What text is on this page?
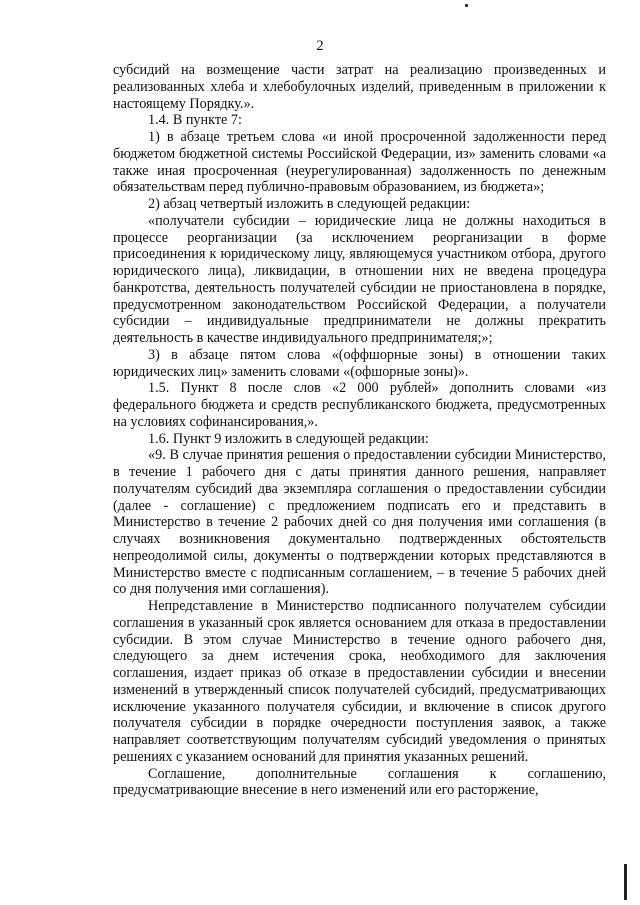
2

субсидий на возмещение части затрат на реализацию произведенных и реализованных хлеба и хлебобулочных изделий, приведенным в приложении к настоящему Порядку.».

1.4. В пункте 7:

1) в абзаце третьем слова «и иной просроченной задолженности перед бюджетом бюджетной системы Российской Федерации, из» заменить словами «а также иная просроченная (неурегулированная) задолженность по денежным обязательствам перед публично-правовым образованием, из бюджета»;

2) абзац четвертый изложить в следующей редакции:

«получатели субсидии – юридические лица не должны находиться в процессе реорганизации (за исключением реорганизации в форме присоединения к юридическому лицу, являющемуся участником отбора, другого юридического лица), ликвидации, в отношении них не введена процедура банкротства, деятельность получателей субсидии не приостановлена в порядке, предусмотренном законодательством Российской Федерации, а получатели субсидии – индивидуальные предприниматели не должны прекратить деятельность в качестве индивидуального предпринимателя;»;

3) в абзаце пятом слова «(оффшорные зоны) в отношении таких юридических лиц» заменить словами «(офшорные зоны)».

1.5. Пункт 8 после слов «2 000 рублей» дополнить словами «из федерального бюджета и средств республиканского бюджета, предусмотренных на условиях софинансирования,».

1.6. Пункт 9 изложить в следующей редакции:

«9. В случае принятия решения о предоставлении субсидии Министерство, в течение 1 рабочего дня с даты принятия данного решения, направляет получателям субсидий два экземпляра соглашения о предоставлении субсидии (далее - соглашение) с предложением подписать его и представить в Министерство в течение 2 рабочих дней со дня получения ими соглашения (в случаях возникновения документально подтвержденных обстоятельств непреодолимой силы, документы о подтверждении которых представляются в Министерство вместе с подписанным соглашением, – в течение 5 рабочих дней со дня получения ими соглашения).

Непредставление в Министерство подписанного получателем субсидии соглашения в указанный срок является основанием для отказа в предоставлении субсидии. В этом случае Министерство в течение одного рабочего дня, следующего за днем истечения срока, необходимого для заключения соглашения, издает приказ об отказе в предоставлении субсидии и внесении изменений в утвержденный список получателей субсидий, предусматривающих исключение указанного получателя субсидии, и включение в список другого получателя субсидии в порядке очередности поступления заявок, а также направляет соответствующим получателям субсидий уведомления о принятых решениях с указанием оснований для принятия указанных решений.

Соглашение, дополнительные соглашения к соглашению, предусматривающие внесение в него изменений или его расторжение,
